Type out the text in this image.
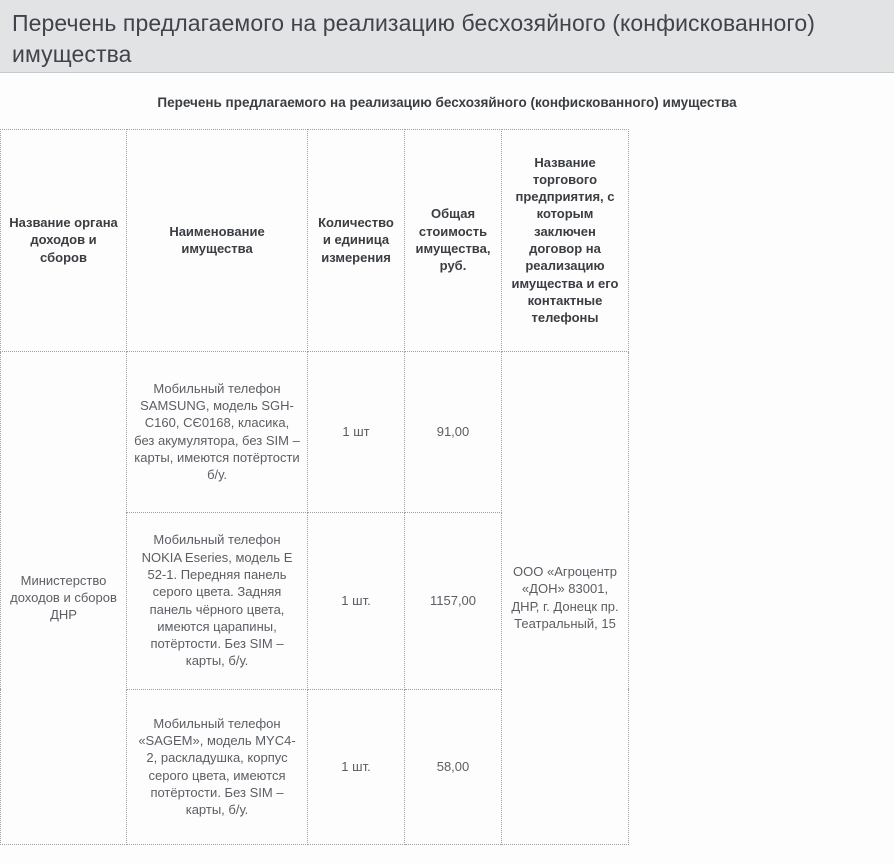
Перечень предлагаемого на реализацию бесхозяйного (конфискованного) имущества
Перечень предлагаемого на реализацию бесхозяйного (конфискованного) имущества
Название органа доходов и сборов	Наименование имущества	Количество и единица измерения	Общая стоимость имущества, руб.	Название торгового предприятия, с которым заключен договор на реализацию имущества и его контактные телефоны
Министерство доходов и сборов ДНР	Мобильный телефон SAMSUNG, модель SGH-C160, CЄ0168, класика, без акумулятора, без SIM – карты, имеются потёртости б/у.	1 шт	91,00	ООО «Агроцентр «ДОН» 83001, ДНР, г. Донецк пр. Театральный, 15
	Мобильный телефон NOKIA Eseries, модель E 52-1. Передняя панель серого цвета. Задняя панель чёрного цвета, имеются царапины, потёртости. Без SIM – карты, б/у.	1 шт.	1157,00	
	Мобильный телефон «SAGEM», модель MYC4-2, раскладушка, корпус серого цвета, имеются потёртости. Без SIM – карты, б/у.	1 шт.	58,00	
